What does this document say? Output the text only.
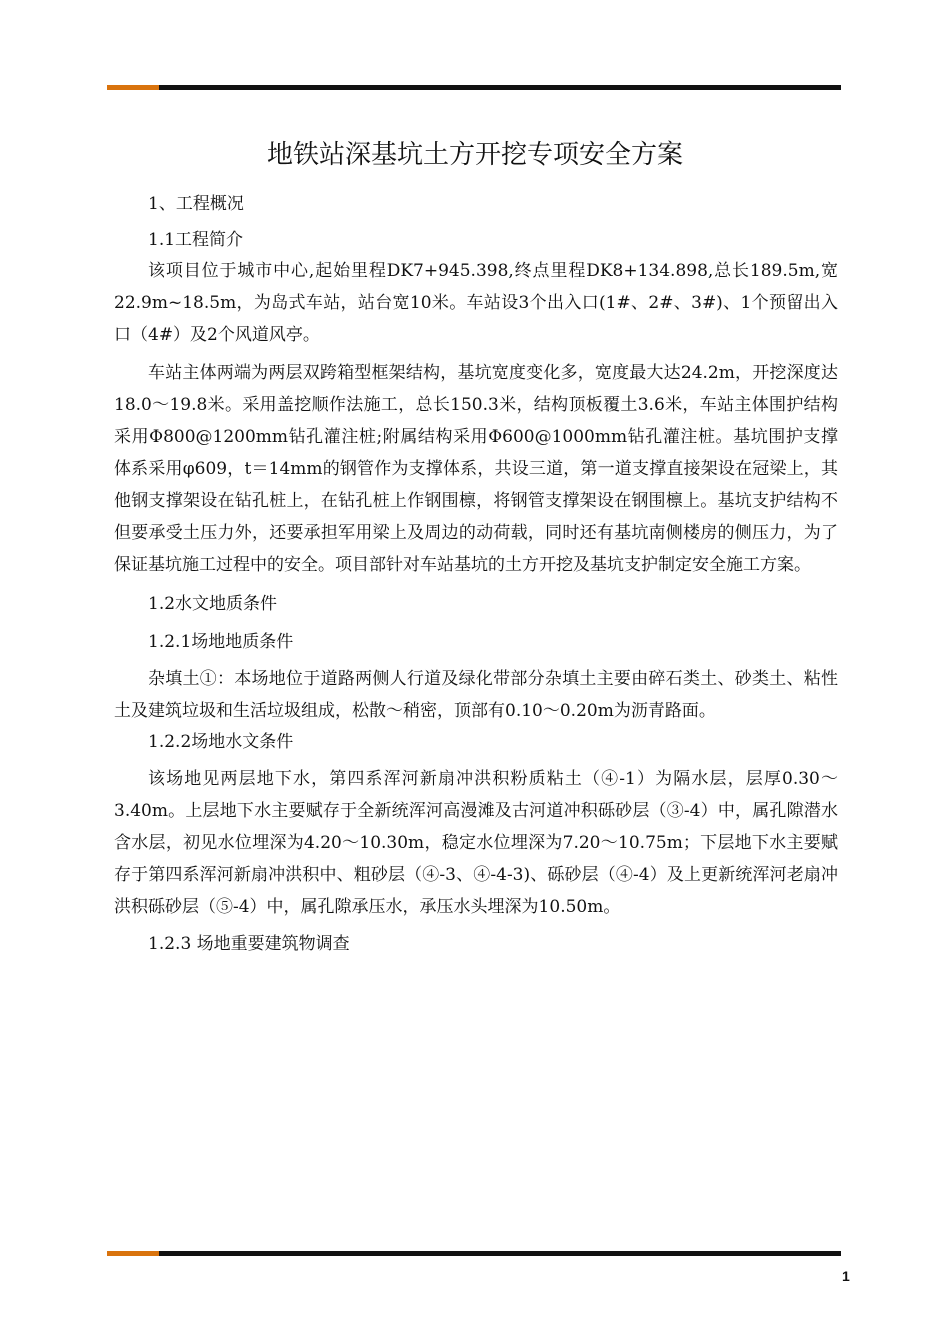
地铁站深基坑土方开挖专项安全方案

1、工程概况

1.1工程简介

该项目位于城市中心,起始里程DK7+945.398,终点里程DK8+134.898,总长189.5m,宽22.9m~18.5m，为岛式车站，站台宽10米。车站设3个出入口(1#、2#、3#)、1个预留出入口（4#）及2个风道风亭。

车站主体两端为两层双跨箱型框架结构，基坑宽度变化多，宽度最大达24.2m，开挖深度达18.0～19.8米。采用盖挖顺作法施工，总长150.3米，结构顶板覆土3.6米，车站主体围护结构采用Φ800@1200mm钻孔灌注桩;附属结构采用Φ600@1000mm钻孔灌注桩。基坑围护支撑体系采用φ609，t＝14mm的钢管作为支撑体系，共设三道，第一道支撑直接架设在冠梁上，其他钢支撑架设在钻孔桩上，在钻孔桩上作钢围檩，将钢管支撑架设在钢围檩上。基坑支护结构不但要承受土压力外，还要承担军用梁上及周边的动荷载，同时还有基坑南侧楼房的侧压力，为了保证基坑施工过程中的安全。项目部针对车站基坑的土方开挖及基坑支护制定安全施工方案。

1.2水文地质条件

1.2.1场地地质条件

杂填土①：本场地位于道路两侧人行道及绿化带部分杂填土主要由碎石类土、砂类土、粘性土及建筑垃圾和生活垃圾组成，松散～稍密，顶部有0.10～0.20m为沥青路面。

1.2.2场地水文条件

该场地见两层地下水，第四系浑河新扇冲洪积粉质粘土（④-1）为隔水层，层厚0.30～3.40m。上层地下水主要赋存于全新统浑河高漫滩及古河道冲积砾砂层（③-4）中，属孔隙潜水含水层，初见水位埋深为4.20～10.30m，稳定水位埋深为7.20～10.75m；下层地下水主要赋存于第四系浑河新扇冲洪积中、粗砂层（④-3、④-4-3)、砾砂层（④-4）及上更新统浑河老扇冲洪积砾砂层（⑤-4）中，属孔隙承压水，承压水头埋深为10.50m。

1.2.3 场地重要建筑物调查

1
